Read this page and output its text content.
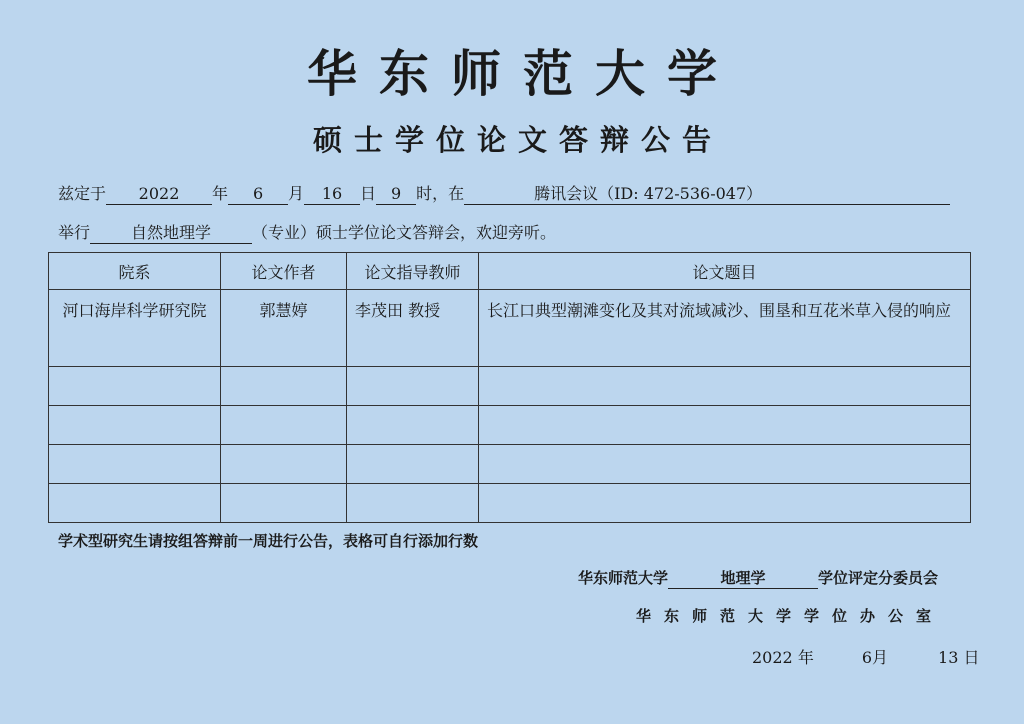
华东师范大学
硕士学位论文答辩公告
兹定于 2022 年 6 月 16 日 9 时，在	腾讯会议（ID: 472-536-047）
举行	自然地理学	（专业）硕士学位论文答辩会，欢迎旁听。
院系	论文作者	论文指导教师	论文题目

河口海岸科学研究院	郭慧婷	李茂田 教授	长江口典型潮滩变化及其对流域减沙、围垦和互花米草入侵的响应

学术型研究生请按组答辩前一周进行公告，表格可自行添加行数
华东师范大学	地理学	学位评定分委员会
华东师范大学学位办公室
2022 年	6月	13 日
